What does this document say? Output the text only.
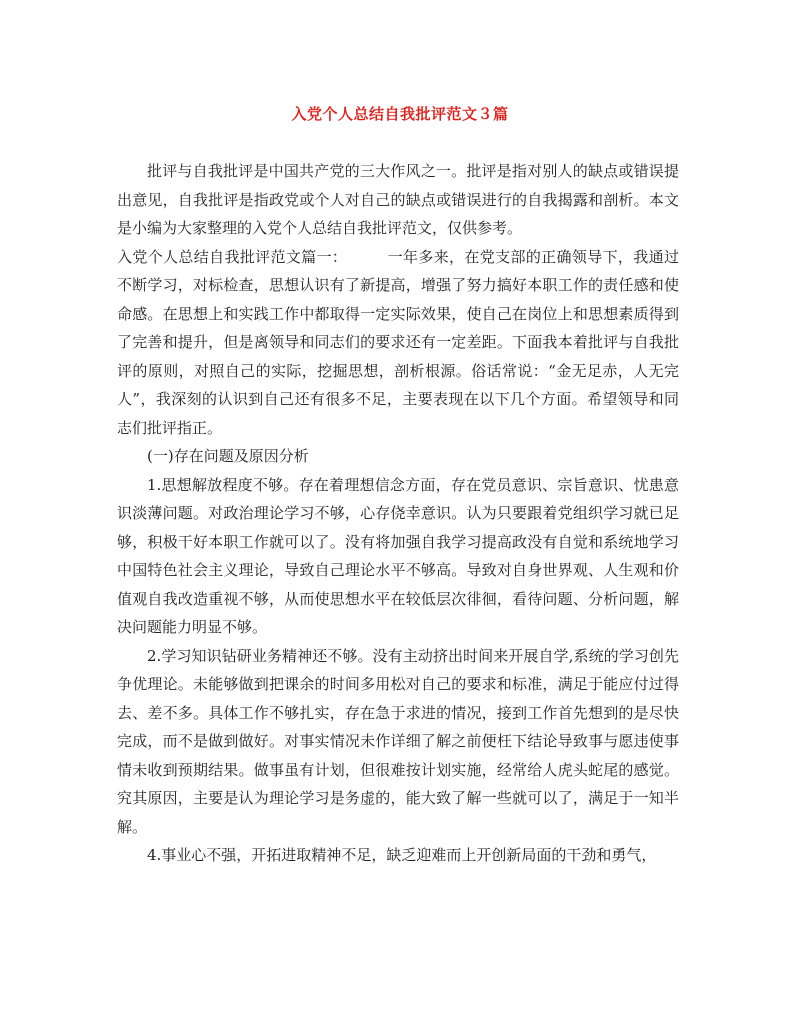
入党个人总结自我批评范文３篇

批评与自我批评是中国共产党的三大作风之一。批评是指对别人的缺点或错误提出意见，自我批评是指政党或个人对自己的缺点或错误进行的自我揭露和剖析。本文是小编为大家整理的入党个人总结自我批评范文，仅供参考。

入党个人总结自我批评范文篇一：	一年多来，在党支部的正确领导下，我通过不断学习，对标检查，思想认识有了新提高，增强了努力搞好本职工作的责任感和使命感。在思想上和实践工作中都取得一定实际效果，使自己在岗位上和思想素质得到了完善和提升，但是离领导和同志们的要求还有一定差距。下面我本着批评与自我批评的原则，对照自己的实际，挖掘思想，剖析根源。俗话常说：“金无足赤，人无完人”，我深刻的认识到自己还有很多不足，主要表现在以下几个方面。希望领导和同志们批评指正。

(一)存在问题及原因分析

1.思想解放程度不够。存在着理想信念方面，存在党员意识、宗旨意识、忧患意识淡薄问题。对政治理论学习不够，心存侥幸意识。认为只要跟着党组织学习就已足够，积极干好本职工作就可以了。没有将加强自我学习提高政没有自觉和系统地学习中国特色社会主义理论，导致自己理论水平不够高。导致对自身世界观、人生观和价值观自我改造重视不够，从而使思想水平在较低层次徘徊，看待问题、分析问题，解决问题能力明显不够。

2.学习知识钻研业务精神还不够。没有主动挤出时间来开展自学,系统的学习创先争优理论。未能够做到把课余的时间多用松对自己的要求和标准，满足于能应付过得去、差不多。具体工作不够扎实，存在急于求进的情况，接到工作首先想到的是尽快完成，而不是做到做好。对事实情况未作详细了解之前便枉下结论导致事与愿违使事情未收到预期结果。做事虽有计划，但很难按计划实施，经常给人虎头蛇尾的感觉。究其原因，主要是认为理论学习是务虚的，能大致了解一些就可以了，满足于一知半解。

4.事业心不强，开拓进取精神不足，缺乏迎难而上开创新局面的干劲和勇气，
